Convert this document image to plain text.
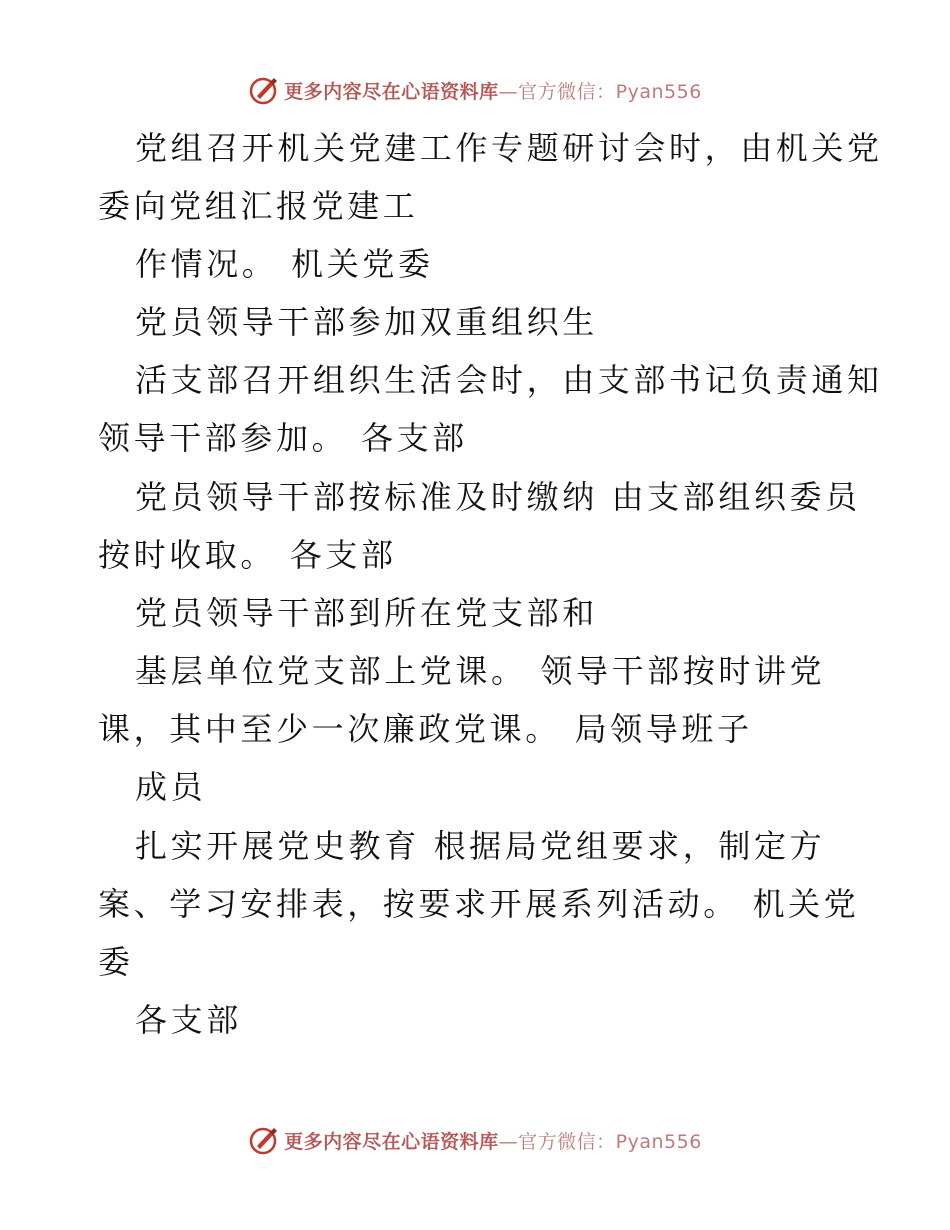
更多内容尽在心语资料库—官方微信：Pyan556
党组召开机关党建工作专题研讨会时，由机关党
委向党组汇报党建工
作情况。 机关党委
党员领导干部参加双重组织生
活支部召开组织生活会时，由支部书记负责通知
领导干部参加。 各支部
党员领导干部按标准及时缴纳 由支部组织委员
按时收取。 各支部
党员领导干部到所在党支部和
基层单位党支部上党课。 领导干部按时讲党
课，其中至少一次廉政党课。 局领导班子
成员
扎实开展党史教育 根据局党组要求，制定方
案、学习安排表，按要求开展系列活动。 机关党
委
各支部
更多内容尽在心语资料库—官方微信：Pyan556
